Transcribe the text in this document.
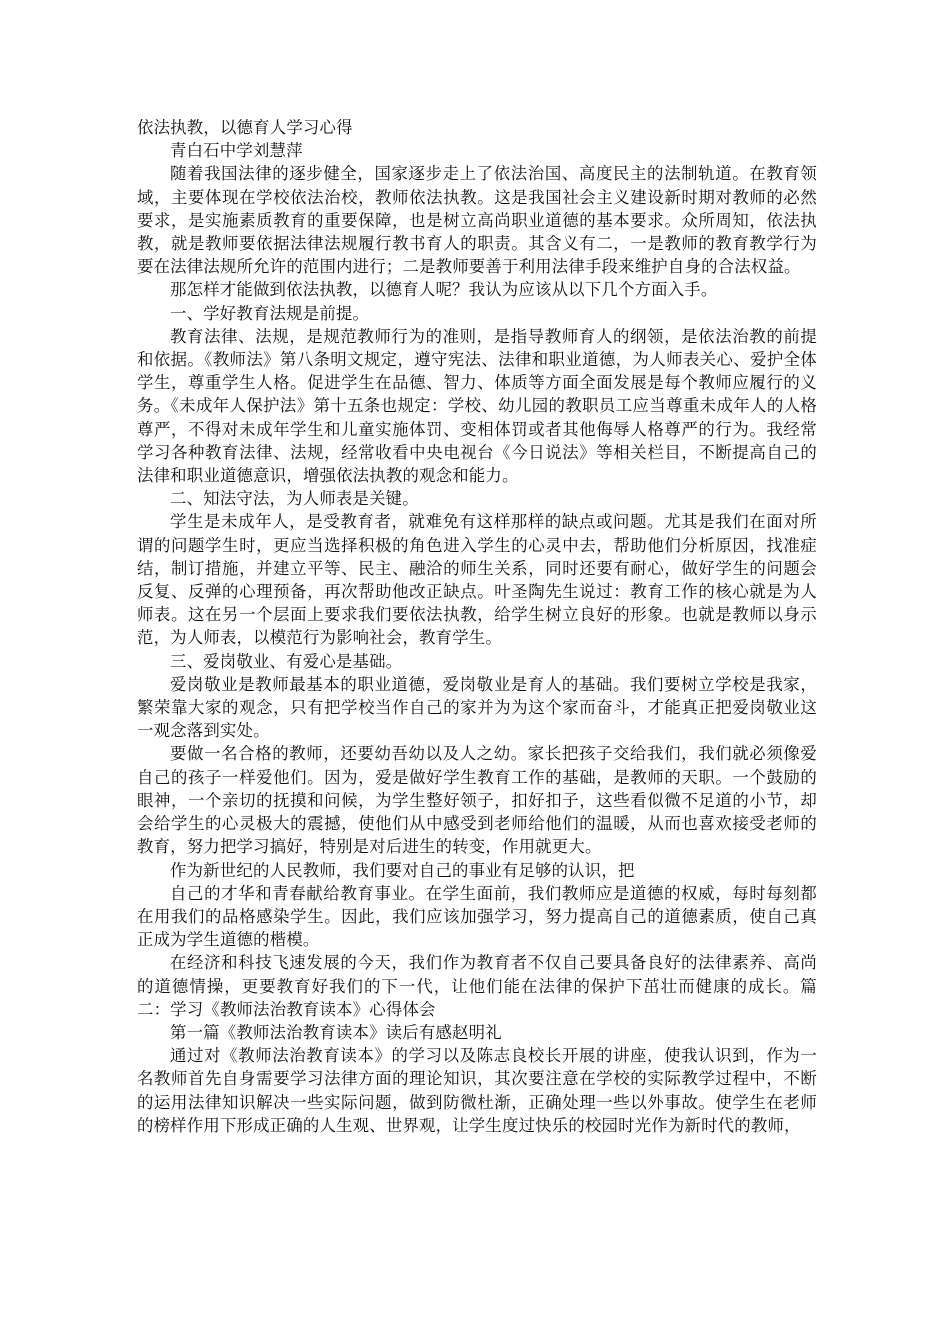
依法执教，以德育人学习心得

青白石中学刘慧萍

随着我国法律的逐步健全，国家逐步走上了依法治国、高度民主的法制轨道。在教育领域，主要体现在学校依法治校，教师依法执教。这是我国社会主义建设新时期对教师的必然要求，是实施素质教育的重要保障，也是树立高尚职业道德的基本要求。众所周知，依法执教，就是教师要依据法律法规履行教书育人的职责。其含义有二，一是教师的教育教学行为要在法律法规所允许的范围内进行；二是教师要善于利用法律手段来维护自身的合法权益。

那怎样才能做到依法执教，以德育人呢？我认为应该从以下几个方面入手。

一、学好教育法规是前提。

教育法律、法规，是规范教师行为的准则，是指导教师育人的纲领，是依法治教的前提和依据。《教师法》第八条明文规定，遵守宪法、法律和职业道德，为人师表关心、爱护全体学生，尊重学生人格。促进学生在品德、智力、体质等方面全面发展是每个教师应履行的义务。《未成年人保护法》第十五条也规定：学校、幼儿园的教职员工应当尊重未成年人的人格尊严，不得对未成年学生和儿童实施体罚、变相体罚或者其他侮辱人格尊严的行为。我经常学习各种教育法律、法规，经常收看中央电视台《今日说法》等相关栏目，不断提高自己的法律和职业道德意识，增强依法执教的观念和能力。

二、知法守法，为人师表是关键。

学生是未成年人，是受教育者，就难免有这样那样的缺点或问题。尤其是我们在面对所谓的问题学生时，更应当选择积极的角色进入学生的心灵中去，帮助他们分析原因，找准症结，制订措施，并建立平等、民主、融洽的师生关系，同时还要有耐心，做好学生的问题会反复、反弹的心理预备，再次帮助他改正缺点。叶圣陶先生说过：教育工作的核心就是为人师表。这在另一个层面上要求我们要依法执教，给学生树立良好的形象。也就是教师以身示范，为人师表，以模范行为影响社会，教育学生。

三、爱岗敬业、有爱心是基础。

爱岗敬业是教师最基本的职业道德，爱岗敬业是育人的基础。我们要树立学校是我家，繁荣靠大家的观念，只有把学校当作自己的家并为为这个家而奋斗，才能真正把爱岗敬业这一观念落到实处。

要做一名合格的教师，还要幼吾幼以及人之幼。家长把孩子交给我们，我们就必须像爱自己的孩子一样爱他们。因为，爱是做好学生教育工作的基础，是教师的天职。一个鼓励的眼神，一个亲切的抚摸和问候，为学生整好领子，扣好扣子，这些看似微不足道的小节，却会给学生的心灵极大的震撼，使他们从中感受到老师给他们的温暖，从而也喜欢接受老师的教育，努力把学习搞好，特别是对后进生的转变，作用就更大。

作为新世纪的人民教师，我们要对自己的事业有足够的认识，把

自己的才华和青春献给教育事业。在学生面前，我们教师应是道德的权威，每时每刻都在用我们的品格感染学生。因此，我们应该加强学习，努力提高自己的道德素质，使自己真正成为学生道德的楷模。

在经济和科技飞速发展的今天，我们作为教育者不仅自己要具备良好的法律素养、高尚的道德情操，更要教育好我们的下一代，让他们能在法律的保护下茁壮而健康的成长。篇二：学习《教师法治教育读本》心得体会

第一篇《教师法治教育读本》读后有感赵明礼

通过对《教师法治教育读本》的学习以及陈志良校长开展的讲座，使我认识到，作为一名教师首先自身需要学习法律方面的理论知识，其次要注意在学校的实际教学过程中，不断的运用法律知识解决一些实际问题，做到防微杜渐，正确处理一些以外事故。使学生在老师的榜样作用下形成正确的人生观、世界观，让学生度过快乐的校园时光作为新时代的教师，
